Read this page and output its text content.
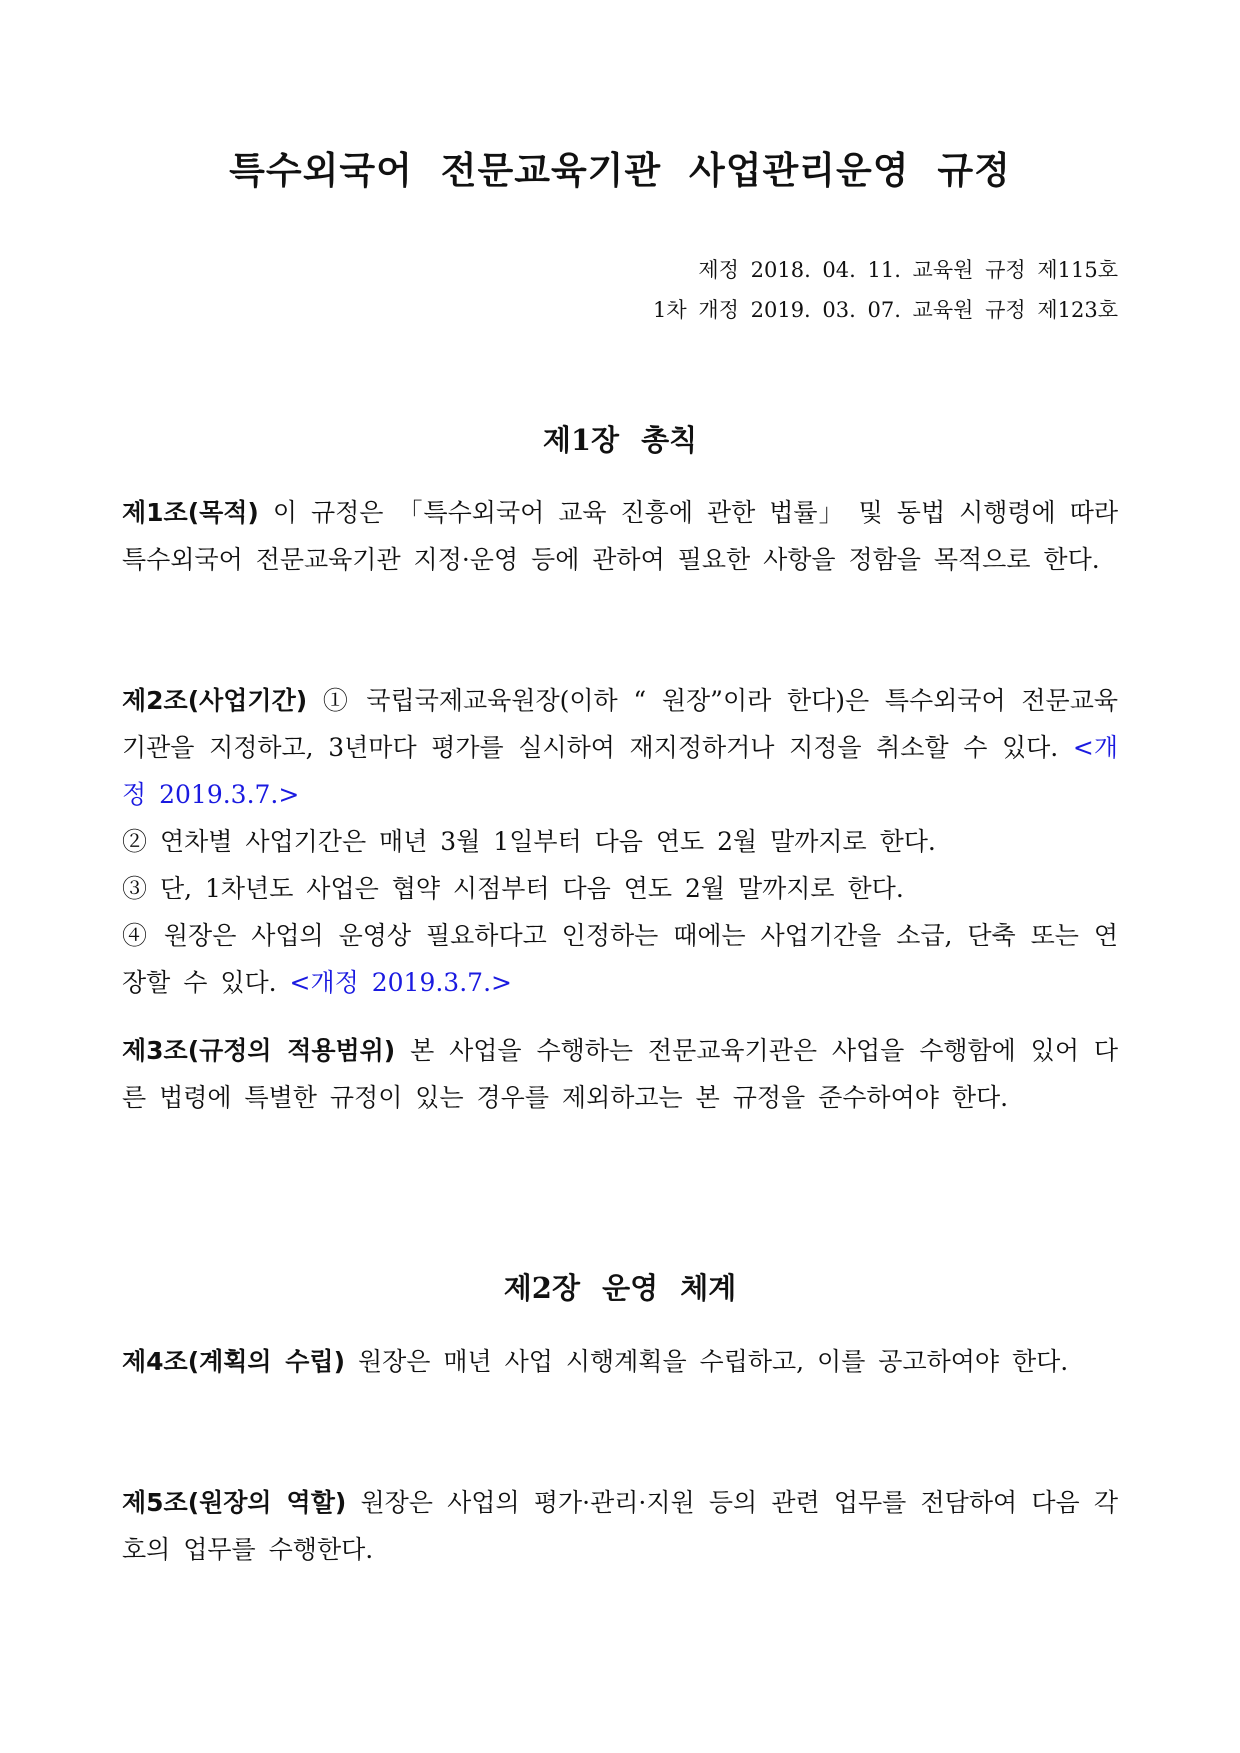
특수외국어 전문교육기관 사업관리운영 규정
제정 2018. 04. 11. 교육원 규정 제115호
1차 개정 2019. 03. 07. 교육원 규정 제123호
제1장 총칙

제1조(목적) 이 규정은 「특수외국어 교육 진흥에 관한 법률」 및 동법 시행령에 따라 특수외국어 전문교육기관 지정·운영 등에 관하여 필요한 사항을 정함을 목적으로 한다.

제2조(사업기간) ① 국립국제교육원장(이하 “ 원장”이라 한다)은 특수외국어 전문교육기관을 지정하고, 3년마다 평가를 실시하여 재지정하거나 지정을 취소할 수 있다. <개정 2019.3.7.>

② 연차별 사업기간은 매년 3월 1일부터 다음 연도 2월 말까지로 한다.

③ 단, 1차년도 사업은 협약 시점부터 다음 연도 2월 말까지로 한다.

④ 원장은 사업의 운영상 필요하다고 인정하는 때에는 사업기간을 소급, 단축 또는 연장할 수 있다. <개정 2019.3.7.>

제3조(규정의 적용범위) 본 사업을 수행하는 전문교육기관은 사업을 수행함에 있어 다른 법령에 특별한 규정이 있는 경우를 제외하고는 본 규정을 준수하여야 한다.

제2장 운영 체계

제4조(계획의 수립) 원장은 매년 사업 시행계획을 수립하고, 이를 공고하여야 한다.

제5조(원장의 역할) 원장은 사업의 평가·관리·지원 등의 관련 업무를 전담하여 다음 각 호의 업무를 수행한다.
